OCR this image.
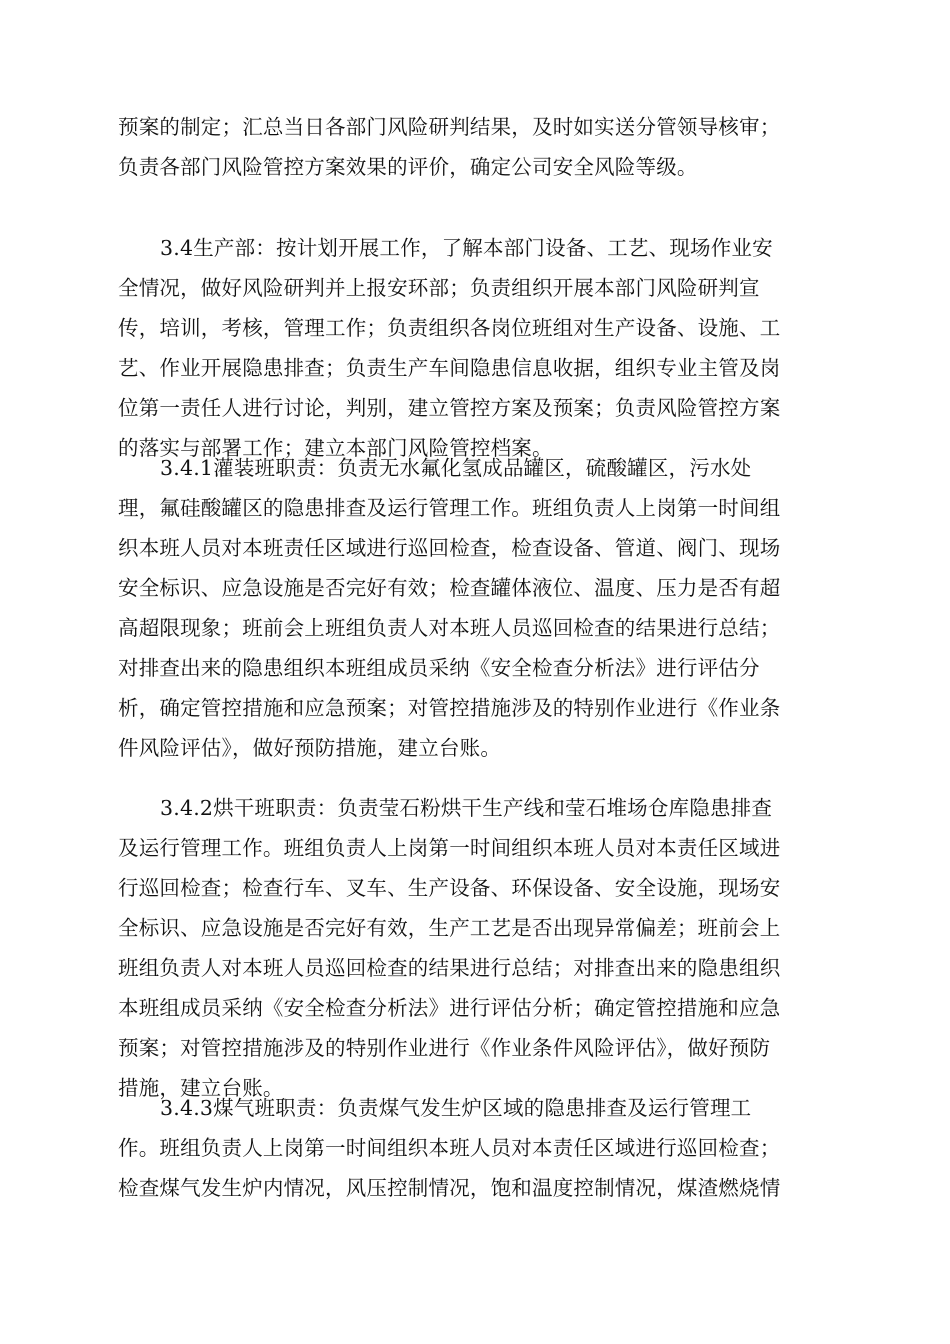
预案的制定；汇总当日各部门风险研判结果，及时如实送分管领导核审；
负责各部门风险管控方案效果的评价，确定公司安全风险等级。
3.4生产部：按计划开展工作，了解本部门设备、工艺、现场作业安
全情况，做好风险研判并上报安环部；负责组织开展本部门风险研判宣
传，培训，考核，管理工作；负责组织各岗位班组对生产设备、设施、工
艺、作业开展隐患排查；负责生产车间隐患信息收据，组织专业主管及岗
位第一责任人进行讨论，判别，建立管控方案及预案；负责风险管控方案
的落实与部署工作；建立本部门风险管控档案。
3.4.1灌装班职责：负责无水氟化氢成品罐区，硫酸罐区，污水处
理，氟硅酸罐区的隐患排查及运行管理工作。班组负责人上岗第一时间组
织本班人员对本班责任区域进行巡回检查，检查设备、管道、阀门、现场
安全标识、应急设施是否完好有效；检查罐体液位、温度、压力是否有超
高超限现象；班前会上班组负责人对本班人员巡回检查的结果进行总结；
对排查出来的隐患组织本班组成员采纳《安全检查分析法》进行评估分
析，确定管控措施和应急预案；对管控措施涉及的特别作业进行《作业条
件风险评估》，做好预防措施，建立台账。
3.4.2烘干班职责：负责莹石粉烘干生产线和莹石堆场仓库隐患排查
及运行管理工作。班组负责人上岗第一时间组织本班人员对本责任区域进
行巡回检查；检查行车、叉车、生产设备、环保设备、安全设施，现场安
全标识、应急设施是否完好有效，生产工艺是否出现异常偏差；班前会上
班组负责人对本班人员巡回检查的结果进行总结；对排查出来的隐患组织
本班组成员采纳《安全检查分析法》进行评估分析；确定管控措施和应急
预案；对管控措施涉及的特别作业进行《作业条件风险评估》，做好预防
措施，建立台账。
3.4.3煤气班职责：负责煤气发生炉区域的隐患排查及运行管理工
作。班组负责人上岗第一时间组织本班人员对本责任区域进行巡回检查；
检查煤气发生炉内情况，风压控制情况，饱和温度控制情况，煤渣燃烧情
